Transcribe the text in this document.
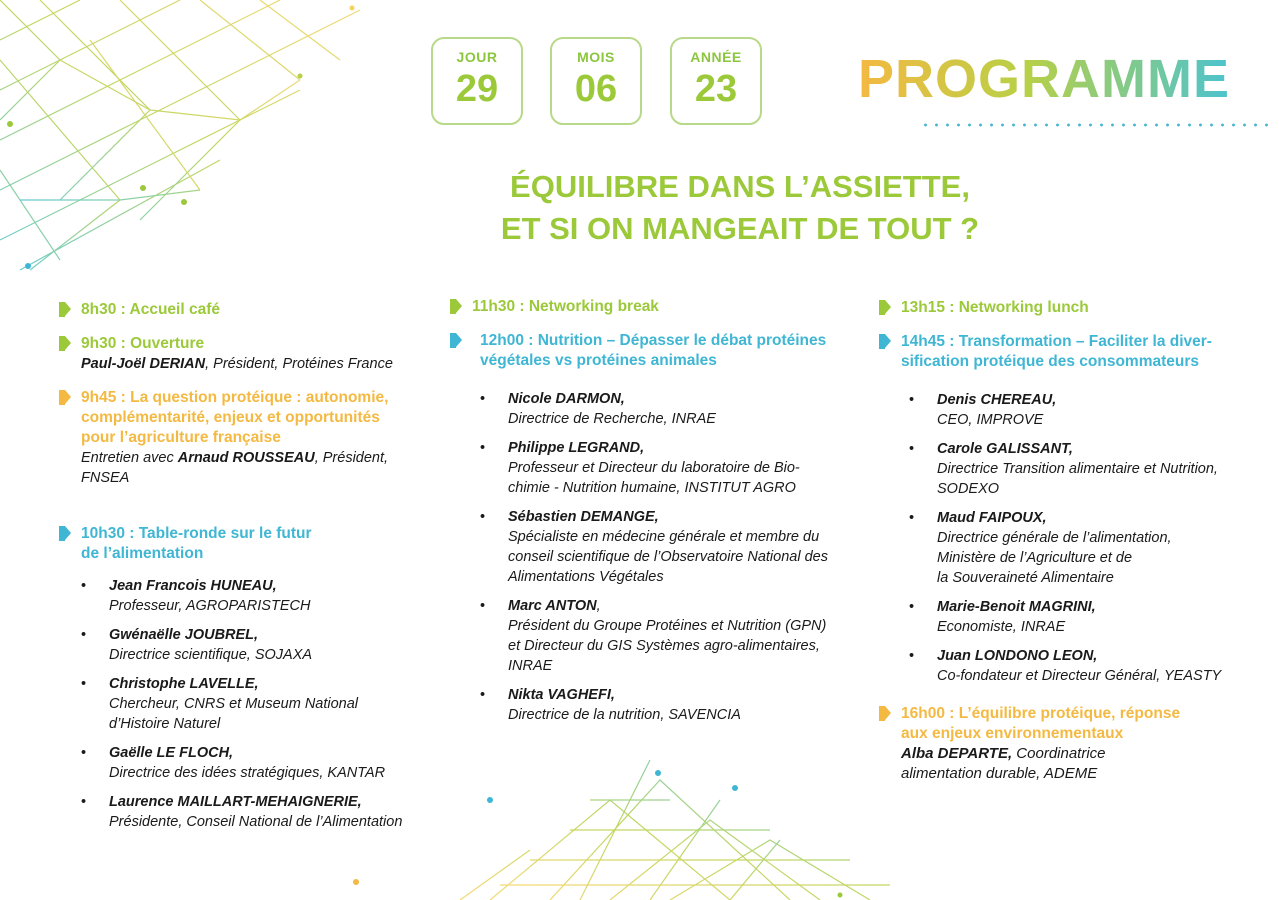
JOUR
29
MOIS
06
ANNÉE
23	PROGRAMME
ÉQUILIBRE DANS L’ASSIETTE,
ET SI ON MANGEAIT DE TOUT ?
8h30 : Accueil café
9h30 : Ouverture
Paul-Joël DERIAN, Président, Protéines France
9h45 : La question protéique : autonomie,
complémentarité, enjeux et opportunités
pour l’agriculture française
Entretien avec Arnaud ROUSSEAU, Président, FNSEA
10h30 : Table-ronde sur le futur
de l’alimentation
• Jean Francois HUNEAU,
Professeur, AGROPARISTECH
• Gwénaëlle JOUBREL,
Directrice scientifique, SOJAXA
• Christophe LAVELLE,
Chercheur, CNRS et Museum National
d’Histoire Naturel
• Gaëlle LE FLOCH,
Directrice des idées stratégiques, KANTAR
• Laurence MAILLART-MEHAIGNERIE,
Présidente, Conseil National de l’Alimentation
11h30 : Networking break
12h00 : Nutrition – Dépasser le débat protéines
végétales vs protéines animales
• Nicole DARMON,
Directrice de Recherche, INRAE
• Philippe LEGRAND,
Professeur et Directeur du laboratoire de Bio-
chimie - Nutrition humaine, INSTITUT AGRO
• Sébastien DEMANGE,
Spécialiste en médecine générale et membre du
conseil scientifique de l’Observatoire National des
Alimentations Végétales
• Marc ANTON,
Président du Groupe Protéines et Nutrition (GPN)
et Directeur du GIS Systèmes agro-alimentaires,
INRAE
• Nikta VAGHEFI,
Directrice de la nutrition, SAVENCIA
13h15 : Networking lunch
14h45 : Transformation – Faciliter la diver-
sification protéique des consommateurs
• Denis CHEREAU,
CEO, IMPROVE
• Carole GALISSANT,
Directrice Transition alimentaire et Nutrition,
SODEXO
• Maud FAIPOUX,
Directrice générale de l’alimentation,
Ministère de l’Agriculture et de
la Souveraineté Alimentaire
• Marie-Benoit MAGRINI,
Economiste, INRAE
• Juan LONDONO LEON,
Co-fondateur et Directeur Général, YEASTY
16h00 : L’équilibre protéique, réponse
aux enjeux environnementaux
Alba DEPARTE, Coordinatrice
alimentation durable, ADEME
